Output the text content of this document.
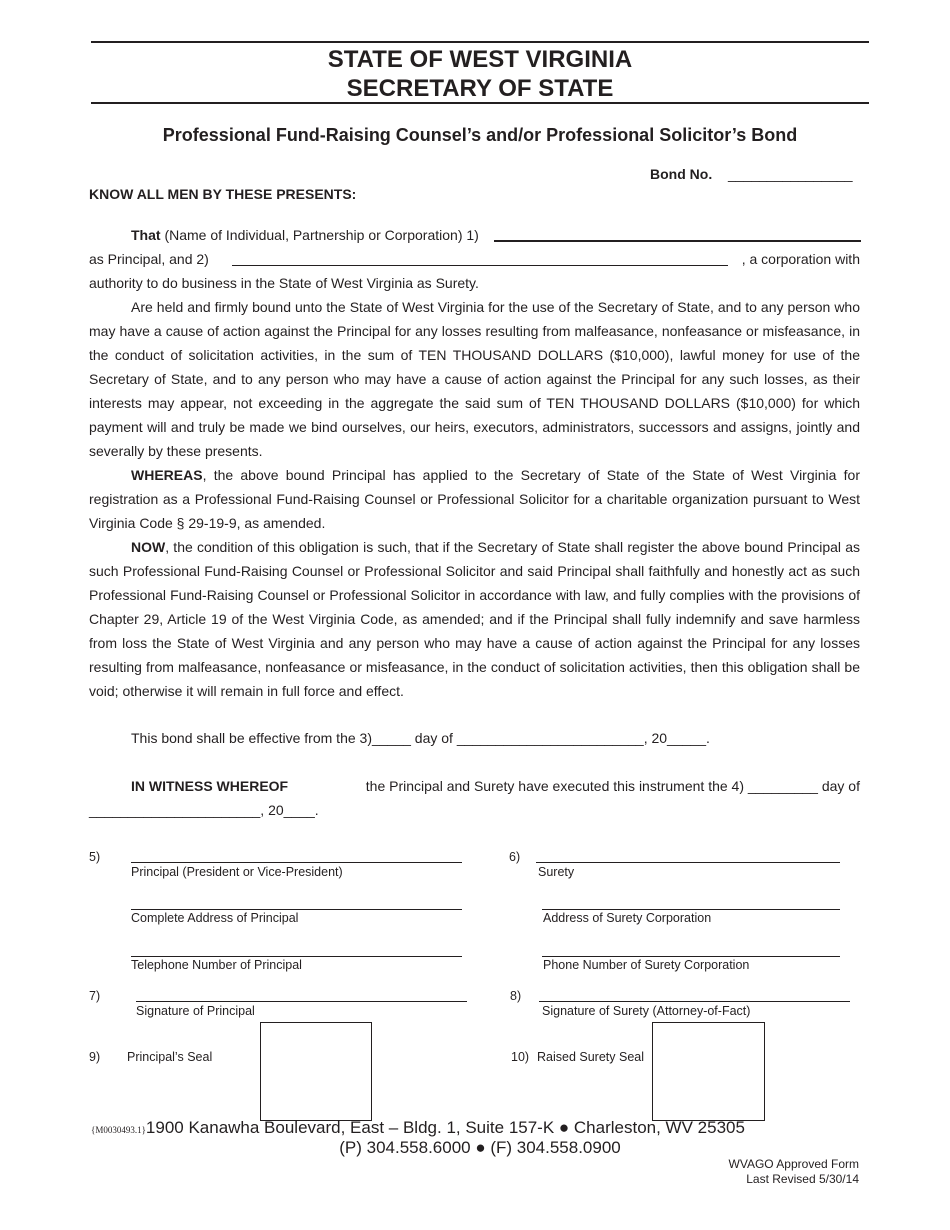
STATE OF WEST VIRGINIA
SECRETARY OF STATE
Professional Fund-Raising Counsel’s and/or Professional Solicitor’s Bond
Bond No. ________________
KNOW ALL MEN BY THESE PRESENTS:
That (Name of Individual, Partnership or Corporation) 1)
as Principal, and 2)	, a corporation with
authority to do business in the State of West Virginia as Surety.
Are held and firmly bound unto the State of West Virginia for the use of the Secretary of State, and to any person who may have a cause of action against the Principal for any losses resulting from malfeasance, nonfeasance or misfeasance, in the conduct of solicitation activities, in the sum of TEN THOUSAND DOLLARS ($10,000), lawful money for use of the Secretary of State, and to any person who may have a cause of action against the Principal for any such losses, as their interests may appear, not exceeding in the aggregate the said sum of TEN THOUSAND DOLLARS ($10,000) for which payment will and truly be made we bind ourselves, our heirs, executors, administrators, successors and assigns, jointly and severally by these presents.
WHEREAS, the above bound Principal has applied to the Secretary of State of the State of West Virginia for registration as a Professional Fund-Raising Counsel or Professional Solicitor for a charitable organization pursuant to West Virginia Code § 29-19-9, as amended.
NOW, the condition of this obligation is such, that if the Secretary of State shall register the above bound Principal as such Professional Fund-Raising Counsel or Professional Solicitor and said Principal shall faithfully and honestly act as such Professional Fund-Raising Counsel or Professional Solicitor in accordance with law, and fully complies with the provisions of Chapter 29, Article 19 of the West Virginia Code, as amended; and if the Principal shall fully indemnify and save harmless from loss the State of West Virginia and any person who may have a cause of action against the Principal for any losses resulting from malfeasance, nonfeasance or misfeasance, in the conduct of solicitation activities, then this obligation shall be void; otherwise it will remain in full force and effect.
This bond shall be effective from the 3)_____ day of ________________________, 20_____.
IN WITNESS WHEREOF	the Principal and Surety have executed this instrument the 4) _________ day of
______________________, 20____.
5)
Principal (President or Vice-President)
Complete Address of Principal
Telephone Number of Principal
7)
Signature of Principal
9) Principal’s Seal
6)
Surety
Address of Surety Corporation
Phone Number of Surety Corporation
8)
Signature of Surety (Attorney-of-Fact)
10) Raised Surety Seal
{M0030493.1}1900 Kanawha Boulevard, East – Bldg. 1, Suite 157-K ● Charleston, WV 25305
(P) 304.558.6000 ● (F) 304.558.0900
WVAGO Approved Form
Last Revised 5/30/14
